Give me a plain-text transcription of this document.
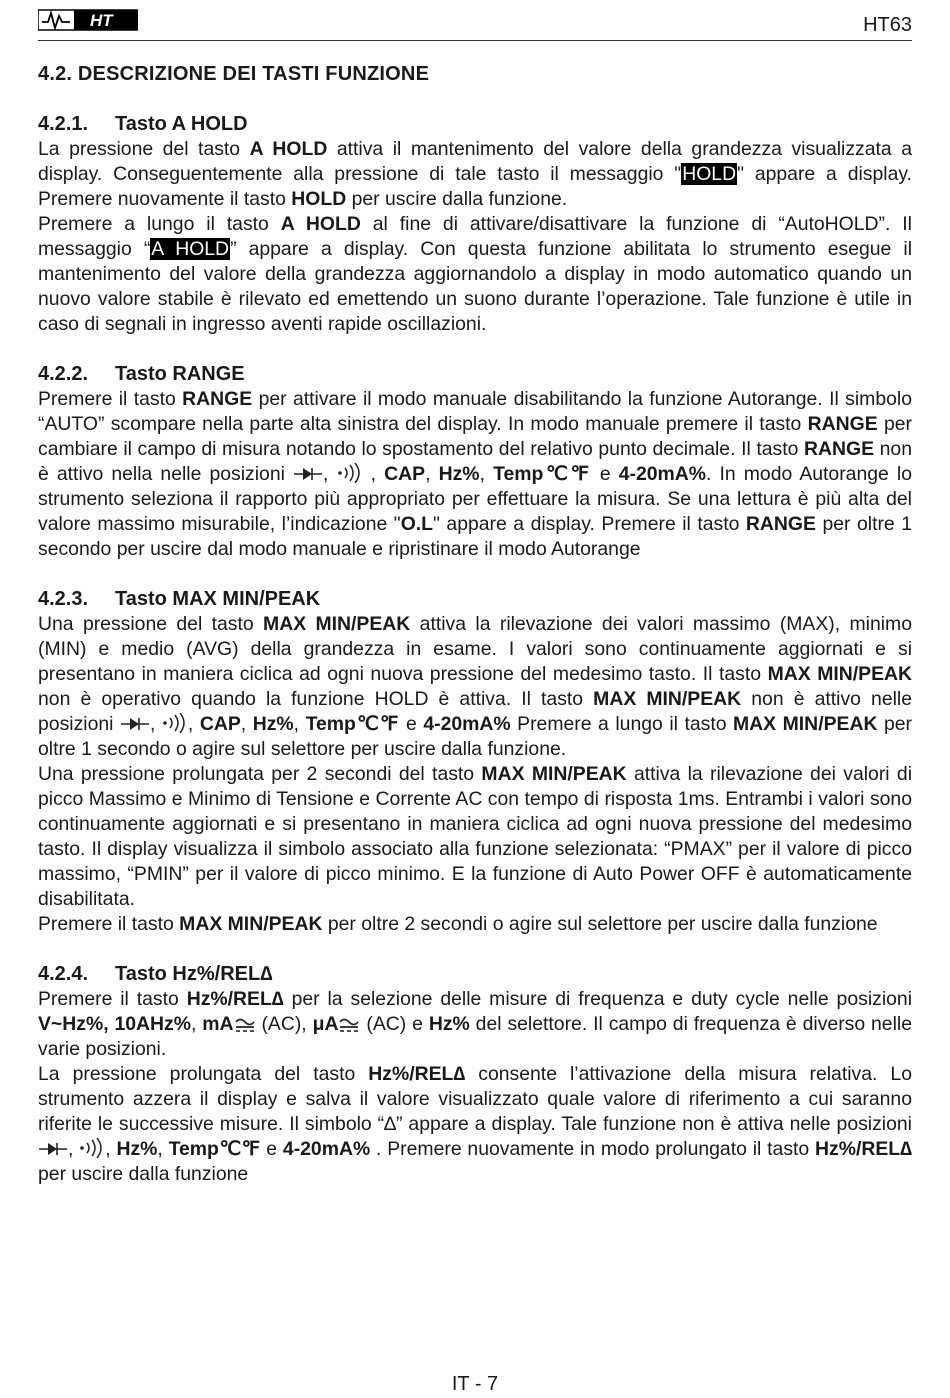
HT	HT63
4.2. DESCRIZIONE DEI TASTI FUNZIONE
4.2.1. Tasto A HOLD

La pressione del tasto A HOLD attiva il mantenimento del valore della grandezza visualizzata a display. Conseguentemente alla pressione di tale tasto il messaggio "HOLD" appare a display. Premere nuovamente il tasto HOLD per uscire dalla funzione.

Premere a lungo il tasto A HOLD al fine di attivare/disattivare la funzione di “AutoHOLD”. Il messaggio “A HOLD” appare a display. Con questa funzione abilitata lo strumento esegue il mantenimento del valore della grandezza aggiornandolo a display in modo automatico quando un nuovo valore stabile è rilevato ed emettendo un suono durante l’operazione. Tale funzione è utile in caso di segnali in ingresso aventi rapide oscillazioni.

4.2.2. Tasto RANGE

Premere il tasto RANGE per attivare il modo manuale disabilitando la funzione Autorange. Il simbolo “AUTO” scompare nella parte alta sinistra del display. In modo manuale premere il tasto RANGE per cambiare il campo di misura notando lo spostamento del relativo punto decimale. Il tasto RANGE non è attivo nella nelle posizioni ,  , CAP, Hz%, Temp℃℉ e 4-20mA%. In modo Autorange lo strumento seleziona il rapporto più appropriato per effettuare la misura. Se una lettura è più alta del valore massimo misurabile, l’indicazione "O.L" appare a display. Premere il tasto RANGE per oltre 1 secondo per uscire dal modo manuale e ripristinare il modo Autorange

4.2.3. Tasto MAX MIN/PEAK

Una pressione del tasto MAX MIN/PEAK attiva la rilevazione dei valori massimo (MAX), minimo (MIN) e medio (AVG) della grandezza in esame. I valori sono continuamente aggiornati e si presentano in maniera ciclica ad ogni nuova pressione del medesimo tasto. Il tasto MAX MIN/PEAK non è operativo quando la funzione HOLD è attiva. Il tasto MAX MIN/PEAK non è attivo nelle posizioni , , CAP, Hz%, Temp℃℉ e 4-20mA% Premere a lungo il tasto MAX MIN/PEAK per oltre 1 secondo o agire sul selettore per uscire dalla funzione.

Una pressione prolungata per 2 secondi del tasto MAX MIN/PEAK attiva la rilevazione dei valori di picco Massimo e Minimo di Tensione e Corrente AC con tempo di risposta 1ms. Entrambi i valori sono continuamente aggiornati e si presentano in maniera ciclica ad ogni nuova pressione del medesimo tasto. Il display visualizza il simbolo associato alla funzione selezionata: “PMAX” per il valore di picco massimo, “PMIN” per il valore di picco minimo. E la funzione di Auto Power OFF è automaticamente disabilitata.

Premere il tasto MAX MIN/PEAK per oltre 2 secondi o agire sul selettore per uscire dalla funzione

4.2.4. Tasto Hz%/REL∆

Premere il tasto Hz%/REL∆ per la selezione delle misure di frequenza e duty cycle nelle posizioni V~Hz%, 10AHz%, mA (AC), μA (AC) e Hz% del selettore. Il campo di frequenza è diverso nelle varie posizioni.

La pressione prolungata del tasto Hz%/REL∆ consente l’attivazione della misura relativa. Lo strumento azzera il display e salva il valore visualizzato quale valore di riferimento a cui saranno riferite le successive misure. Il simbolo “∆” appare a display. Tale funzione non è attiva nelle posizioni , , Hz%, Temp℃℉ e 4-20mA% . Premere nuovamente in modo prolungato il tasto Hz%/REL∆ per uscire dalla funzione

IT - 7
